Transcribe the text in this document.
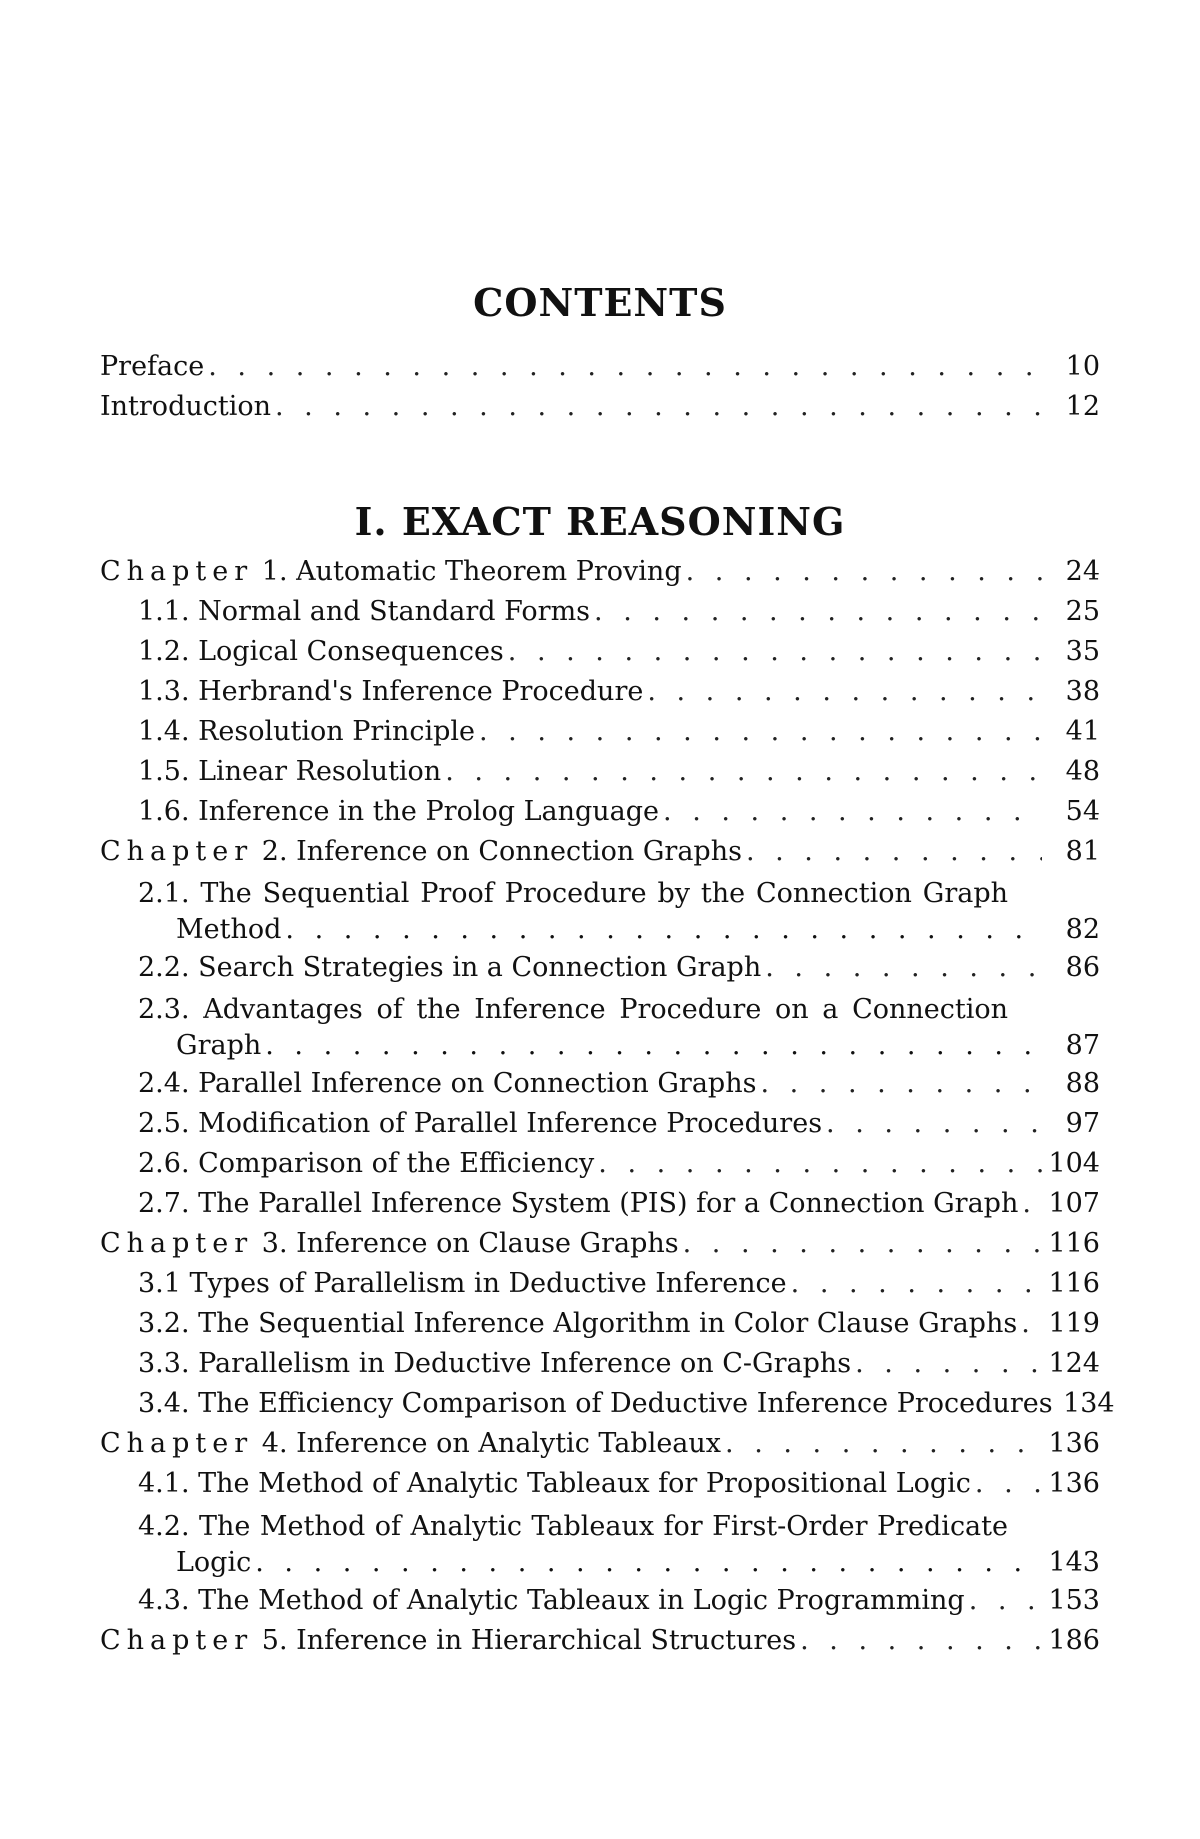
CONTENTS
Preface . . .	10
Introduction . . .	12
I. EXACT REASONING
Chapter 1. Automatic Theorem Proving . . .	24
1.1. Normal and Standard Forms . . .	25
1.2. Logical Consequences . . .	35
1.3. Herbrand's Inference Procedure . . .	38
1.4. Resolution Principle . . .	41
1.5. Linear Resolution . . .	48
1.6. Inference in the Prolog Language . . .	54
Chapter 2. Inference on Connection Graphs . . .	81
2.1. The Sequential Proof Procedure by the Connection Graph
Method . . .	82
2.2. Search Strategies in a Connection Graph . . .	86
2.3. Advantages of the Inference Procedure on a Connection
Graph . . .	87
2.4. Parallel Inference on Connection Graphs . . .	88
2.5. Modification of Parallel Inference Procedures . . .	97
2.6. Comparison of the Efficiency . . .	104
2.7. The Parallel Inference System (PIS) for a Connection Graph . . . 107
Chapter 3. Inference on Clause Graphs . . .	116
3.1 Types of Parallelism in Deductive Inference . . .	116
3.2. The Sequential Inference Algorithm in Color Clause Graphs . . . 119
3.3. Parallelism in Deductive Inference on C-Graphs . . .	124
3.4. The Efficiency Comparison of Deductive Inference Procedures 134
Chapter 4. Inference on Analytic Tableaux . . .	136
4.1. The Method of Analytic Tableaux for Propositional Logic . . .	136
4.2. The Method of Analytic Tableaux for First-Order Predicate
Logic . . .	143
4.3. The Method of Analytic Tableaux in Logic Programming . . .	153
Chapter 5. Inference in Hierarchical Structures . . .	186
